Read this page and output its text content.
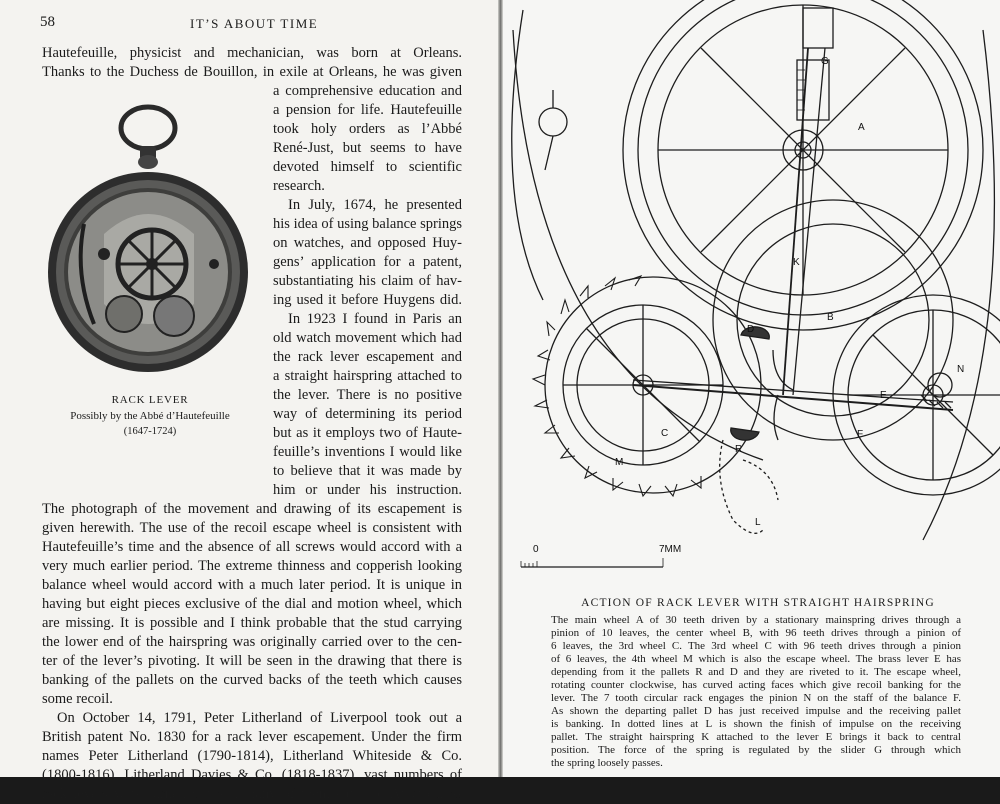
58	IT’S ABOUT TIME
RACK LEVER
Possibly by the Abbé d’Hautefeuille
(1647-1724)
Hautefeuille, physicist and mechanician, was born at Orleans.
Thanks to the Duchess de Bouillon, in exile at Orleans, he was given
a comprehensive education and
a pension for life. Hautefeuille
took holy orders as l’Abbé
René-Just, but seems to have
devoted himself to scientific
research.
In July, 1674, he presented
his idea of using balance springs
on watches, and opposed Huy-
gens’ application for a patent,
substantiating his claim of hav-
ing used it before Huygens did.
In 1923 I found in Paris an
old watch movement which had
the rack lever escapement and
a straight hairspring attached to
the lever. There is no positive
way of determining its period
but as it employs two of Haute-
feuille’s inventions I would like
to believe that it was made by
him or under his instruction.
The photograph of the movement and drawing of its escapement is
given herewith. The use of the recoil escape wheel is consistent with
Hautefeuille’s time and the absence of all screws would accord with a
very much earlier period. The extreme thinness and copperish looking
balance wheel would accord with a much later period. It is unique in
having but eight pieces exclusive of the dial and motion wheel, which
are missing. It is possible and I think probable that the stud carrying
the lower end of the hairspring was originally carried over to the cen-
ter of the lever’s pivoting. It will be seen in the drawing that there is
banking of the pallets on the curved backs of the teeth which causes
some recoil.
On October 14, 1791, Peter Litherland of Liverpool took out a
British patent No. 1830 for a rack lever escapement. Under the firm
names Peter Litherland (1790-1814), Litherland Whiteside & Co.
(1800-1816), Litherland Davies & Co. (1818-1837), vast numbers of
rack levers were turned out and many of them came to America, as
A
B
C
D
E
F
G
K
L
M
N
R
0	7MM
ACTION OF RACK LEVER WITH STRAIGHT HAIRSPRING
The main wheel A of 30 teeth driven by a stationary mainspring drives through a
pinion of 10 leaves, the center wheel B, with 96 teeth drives through a pinion of
6 leaves, the 3rd wheel C. The 3rd wheel C with 96 teeth drives through a pinion
of 6 leaves, the 4th wheel M which is also the escape wheel. The brass lever E has
depending from it the pallets R and D and they are riveted to it. The escape wheel,
rotating counter clockwise, has curved acting faces which give recoil banking for the
lever. The 7 tooth circular rack engages the pinion N on the staff of the balance F.
As shown the departing pallet D has just received impulse and the receiving pallet
is banking. In dotted lines at L is shown the finish of impulse on the receiving
pallet. The straight hairspring K attached to the lever E brings it back to central
position. The force of the spring is regulated by the slider G through which
the spring loosely passes.
